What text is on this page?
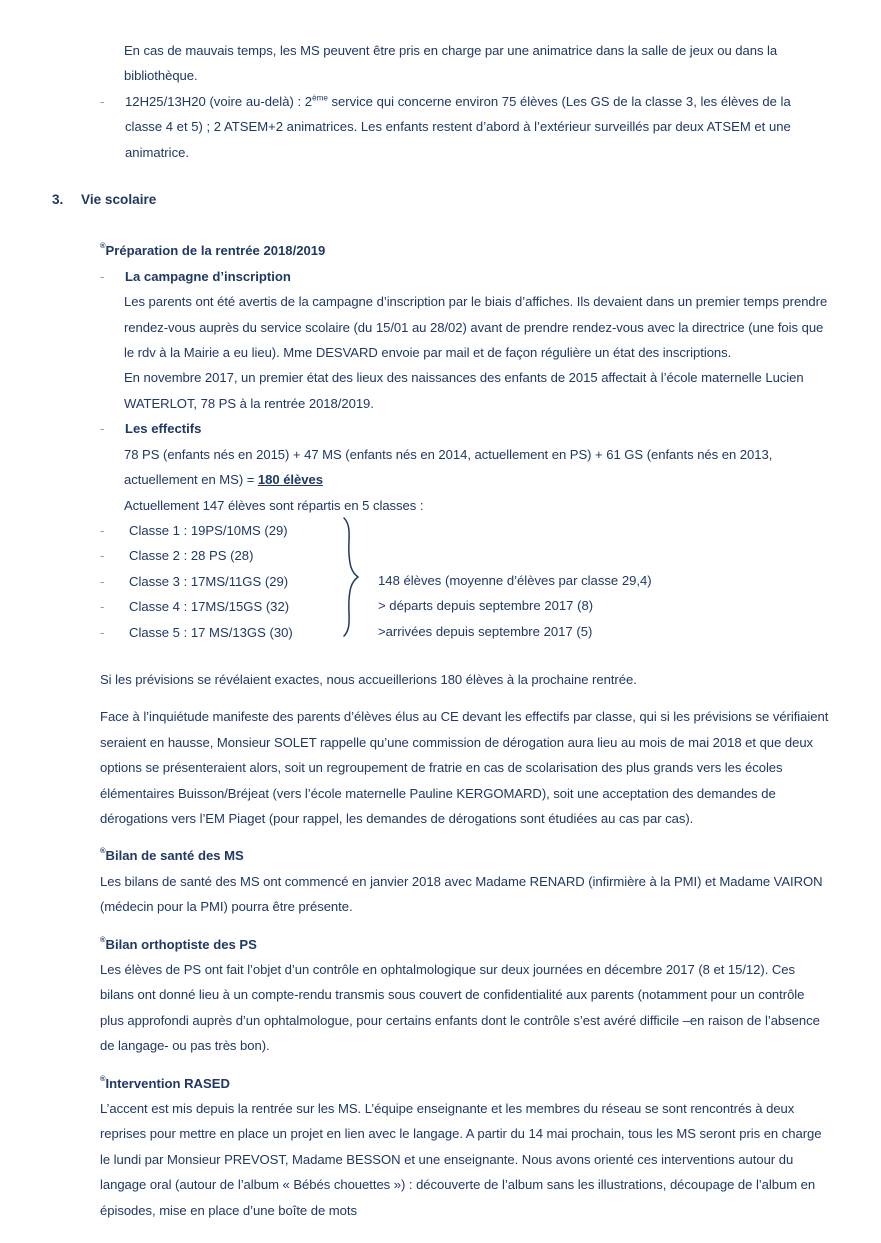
En cas de mauvais temps, les MS peuvent être pris en charge par une animatrice dans la salle de jeux ou dans la bibliothèque.

-	12H25/13H20 (voire au-delà) : 2ème service qui concerne environ 75 élèves (Les GS de la classe 3, les élèves de la classe 4 et 5) ; 2 ATSEM+2 animatrices. Les enfants restent d’abord à l’extérieur surveillés par deux ATSEM et une animatrice.
3.	Vie scolaire
® Préparation de la rentrée 2018/2019
-	La campagne d’inscription

Les parents ont été avertis de la campagne d’inscription par le biais d’affiches. Ils devaient dans un premier temps prendre rendez-vous auprès du service scolaire (du 15/01 au 28/02) avant de prendre rendez-vous avec la directrice (une fois que le rdv à la Mairie a eu lieu). Mme DESVARD envoie par mail et de façon régulière un état des inscriptions.

En novembre 2017, un premier état des lieux des naissances des enfants de 2015 affectait à l’école maternelle Lucien WATERLOT, 78 PS à la rentrée 2018/2019.

-	Les effectifs

78 PS (enfants nés en 2015) + 47 MS (enfants nés en 2014, actuellement en PS) + 61 GS (enfants nés en 2013, actuellement en MS) = 180 élèves

Actuellement 147 élèves sont répartis en 5 classes :

-	Classe 1 : 19PS/10MS (29)
-	Classe 2 : 28 PS (28)
-	Classe 3 : 17MS/11GS (29)
-	Classe 4 : 17MS/15GS (32)
-	Classe 5 : 17 MS/13GS (30)
148 élèves (moyenne d’élèves par classe 29,4)
> départs depuis septembre 2017 (8)
>arrivées depuis septembre 2017 (5)

Si les prévisions se révélaient exactes, nous accueillerions 180 élèves à la prochaine rentrée.

Face à l’inquiétude manifeste des parents d’élèves élus au CE devant les effectifs par classe, qui si les prévisions se vérifiaient seraient en hausse, Monsieur SOLET rappelle qu’une commission de dérogation aura lieu au mois de mai 2018 et que deux options se présenteraient alors, soit un regroupement de fratrie en cas de scolarisation des plus grands vers les écoles élémentaires Buisson/Bréjeat (vers l’école maternelle Pauline KERGOMARD), soit une acceptation des demandes de dérogations vers l’EM Piaget (pour rappel, les demandes de dérogations sont étudiées au cas par cas).

® Bilan de santé des MS

Les bilans de santé des MS ont commencé en janvier 2018 avec Madame RENARD (infirmière à la PMI) et Madame VAIRON (médecin pour la PMI) pourra être présente.

® Bilan orthoptiste des PS

Les élèves de PS ont fait l’objet d’un contrôle en ophtalmologique sur deux journées en décembre 2017 (8 et 15/12). Ces bilans ont donné lieu à un compte-rendu transmis sous couvert de confidentialité aux parents (notamment pour un contrôle plus approfondi auprès d’un ophtalmologue, pour certains enfants dont le contrôle s’est avéré difficile –en raison de l’absence de langage- ou pas très bon).

® Intervention RASED

L’accent est mis depuis la rentrée sur les MS. L’équipe enseignante et les membres du réseau se sont rencontrés à deux reprises pour mettre en place un projet en lien avec le langage. A partir du 14 mai prochain, tous les MS seront pris en charge le lundi par Monsieur PREVOST, Madame BESSON et une enseignante. Nous avons orienté ces interventions autour du langage oral (autour de l’album « Bébés chouettes ») : découverte de l’album sans les illustrations, découpage de l’album en épisodes, mise en place d’une boîte de mots
